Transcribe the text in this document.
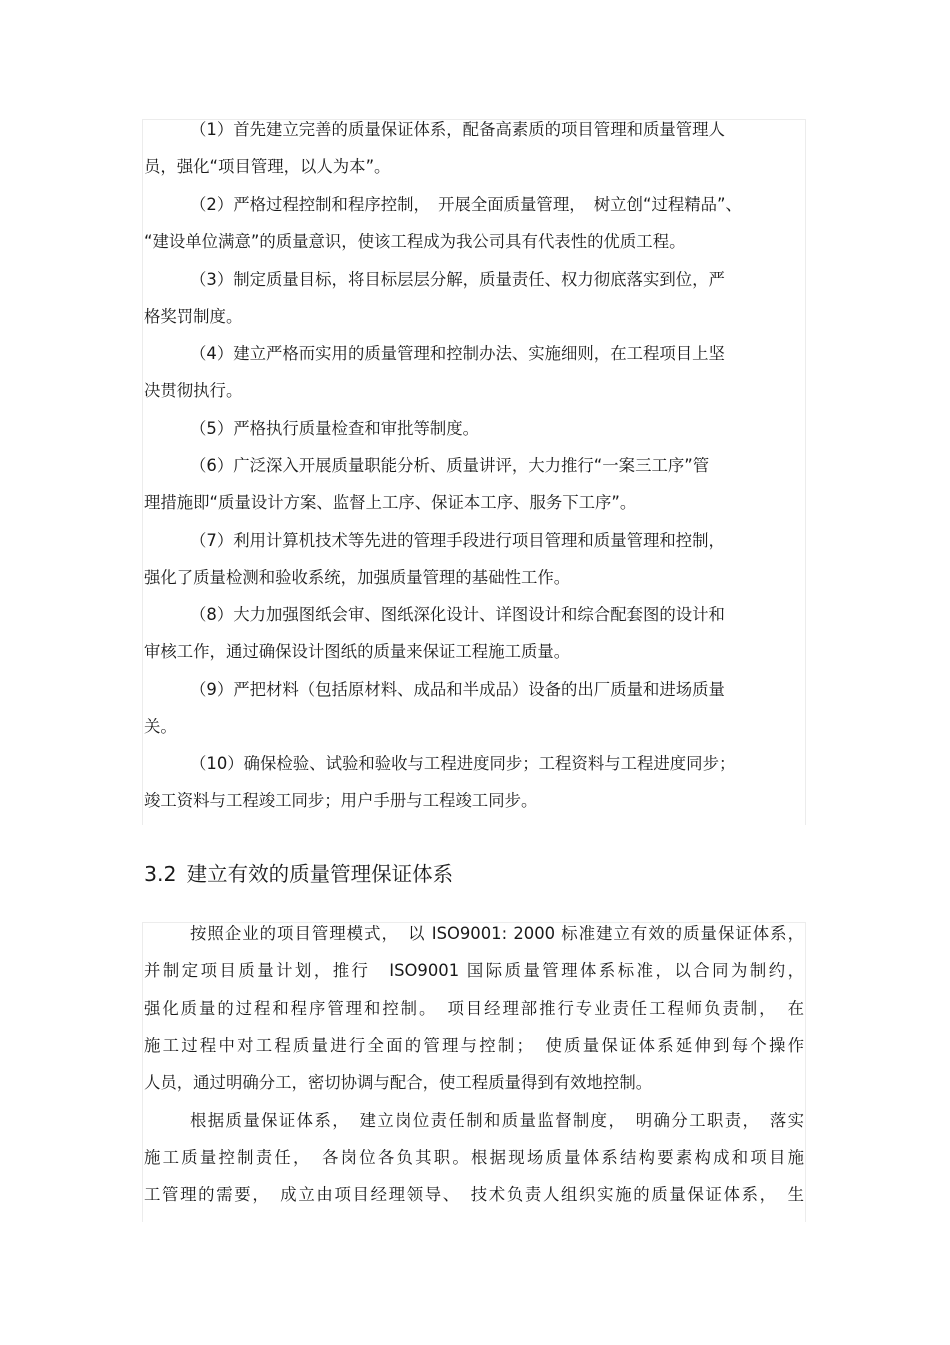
（1）首先建立完善的质量保证体系，配备高素质的项目管理和质量管理人
员，强化“项目管理，以人为本”。
（2）严格过程控制和程序控制，　开展全面质量管理，　树立创“过程精品”、
“建设单位满意”的质量意识，使该工程成为我公司具有代表性的优质工程。
（3）制定质量目标，将目标层层分解，质量责任、权力彻底落实到位，严
格奖罚制度。
（4）建立严格而实用的质量管理和控制办法、实施细则，在工程项目上坚
决贯彻执行。
（5）严格执行质量检查和审批等制度。
（6）广泛深入开展质量职能分析、质量讲评，大力推行“一案三工序”管
理措施即“质量设计方案、监督上工序、保证本工序、服务下工序”。
（7）利用计算机技术等先进的管理手段进行项目管理和质量管理和控制，
强化了质量检测和验收系统，加强质量管理的基础性工作。
（8）大力加强图纸会审、图纸深化设计、详图设计和综合配套图的设计和
审核工作，通过确保设计图纸的质量来保证工程施工质量。
（9）严把材料（包括原材料、成品和半成品）设备的出厂质量和进场质量
关。
（10）确保检验、试验和验收与工程进度同步；工程资料与工程进度同步；
竣工资料与工程竣工同步；用户手册与工程竣工同步。
3.2 建立有效的质量管理保证体系
按照企业的项目管理模式，　以 ISO9001: 2000 标准建立有效的质量保证体系，
并制定项目质量计划，推行　ISO9001 国际质量管理体系标准，以合同为制约，
强化质量的过程和程序管理和控制。　项目经理部推行专业责任工程师负责制，　在
施工过程中对工程质量进行全面的管理与控制；　使质量保证体系延伸到每个操作
人员，通过明确分工，密切协调与配合，使工程质量得到有效地控制。
根据质量保证体系，　建立岗位责任制和质量监督制度，　明确分工职责，　落实
施工质量控制责任，　各岗位各负其职。根据现场质量体系结构要素构成和项目施
工管理的需要，　成立由项目经理领导、　技术负责人组织实施的质量保证体系，　生
